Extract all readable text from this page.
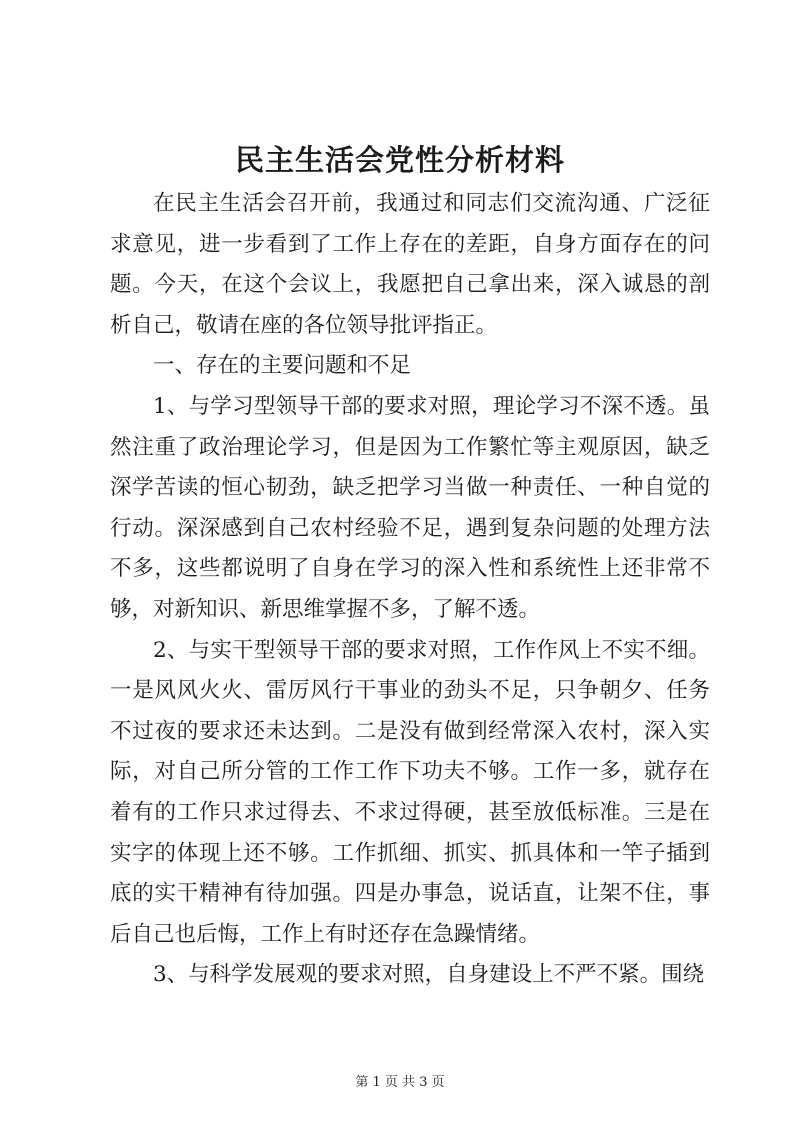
民主生活会党性分析材料

在民主生活会召开前，我通过和同志们交流沟通、广泛征求意见，进一步看到了工作上存在的差距，自身方面存在的问题。今天，在这个会议上，我愿把自己拿出来，深入诚恳的剖析自己，敬请在座的各位领导批评指正。

一、存在的主要问题和不足

1、与学习型领导干部的要求对照，理论学习不深不透。虽然注重了政治理论学习，但是因为工作繁忙等主观原因，缺乏深学苦读的恒心韧劲，缺乏把学习当做一种责任、一种自觉的行动。深深感到自己农村经验不足，遇到复杂问题的处理方法不多，这些都说明了自身在学习的深入性和系统性上还非常不够，对新知识、新思维掌握不多，了解不透。

2、与实干型领导干部的要求对照，工作作风上不实不细。一是风风火火、雷厉风行干事业的劲头不足，只争朝夕、任务不过夜的要求还未达到。二是没有做到经常深入农村，深入实际，对自己所分管的工作工作下功夫不够。工作一多，就存在着有的工作只求过得去、不求过得硬，甚至放低标准。三是在实字的体现上还不够。工作抓细、抓实、抓具体和一竿子插到底的实干精神有待加强。四是办事急，说话直，让架不住，事后自己也后悔，工作上有时还存在急躁情绪。

3、与科学发展观的要求对照，自身建设上不严不紧。围绕

第 1 页 共 3 页
